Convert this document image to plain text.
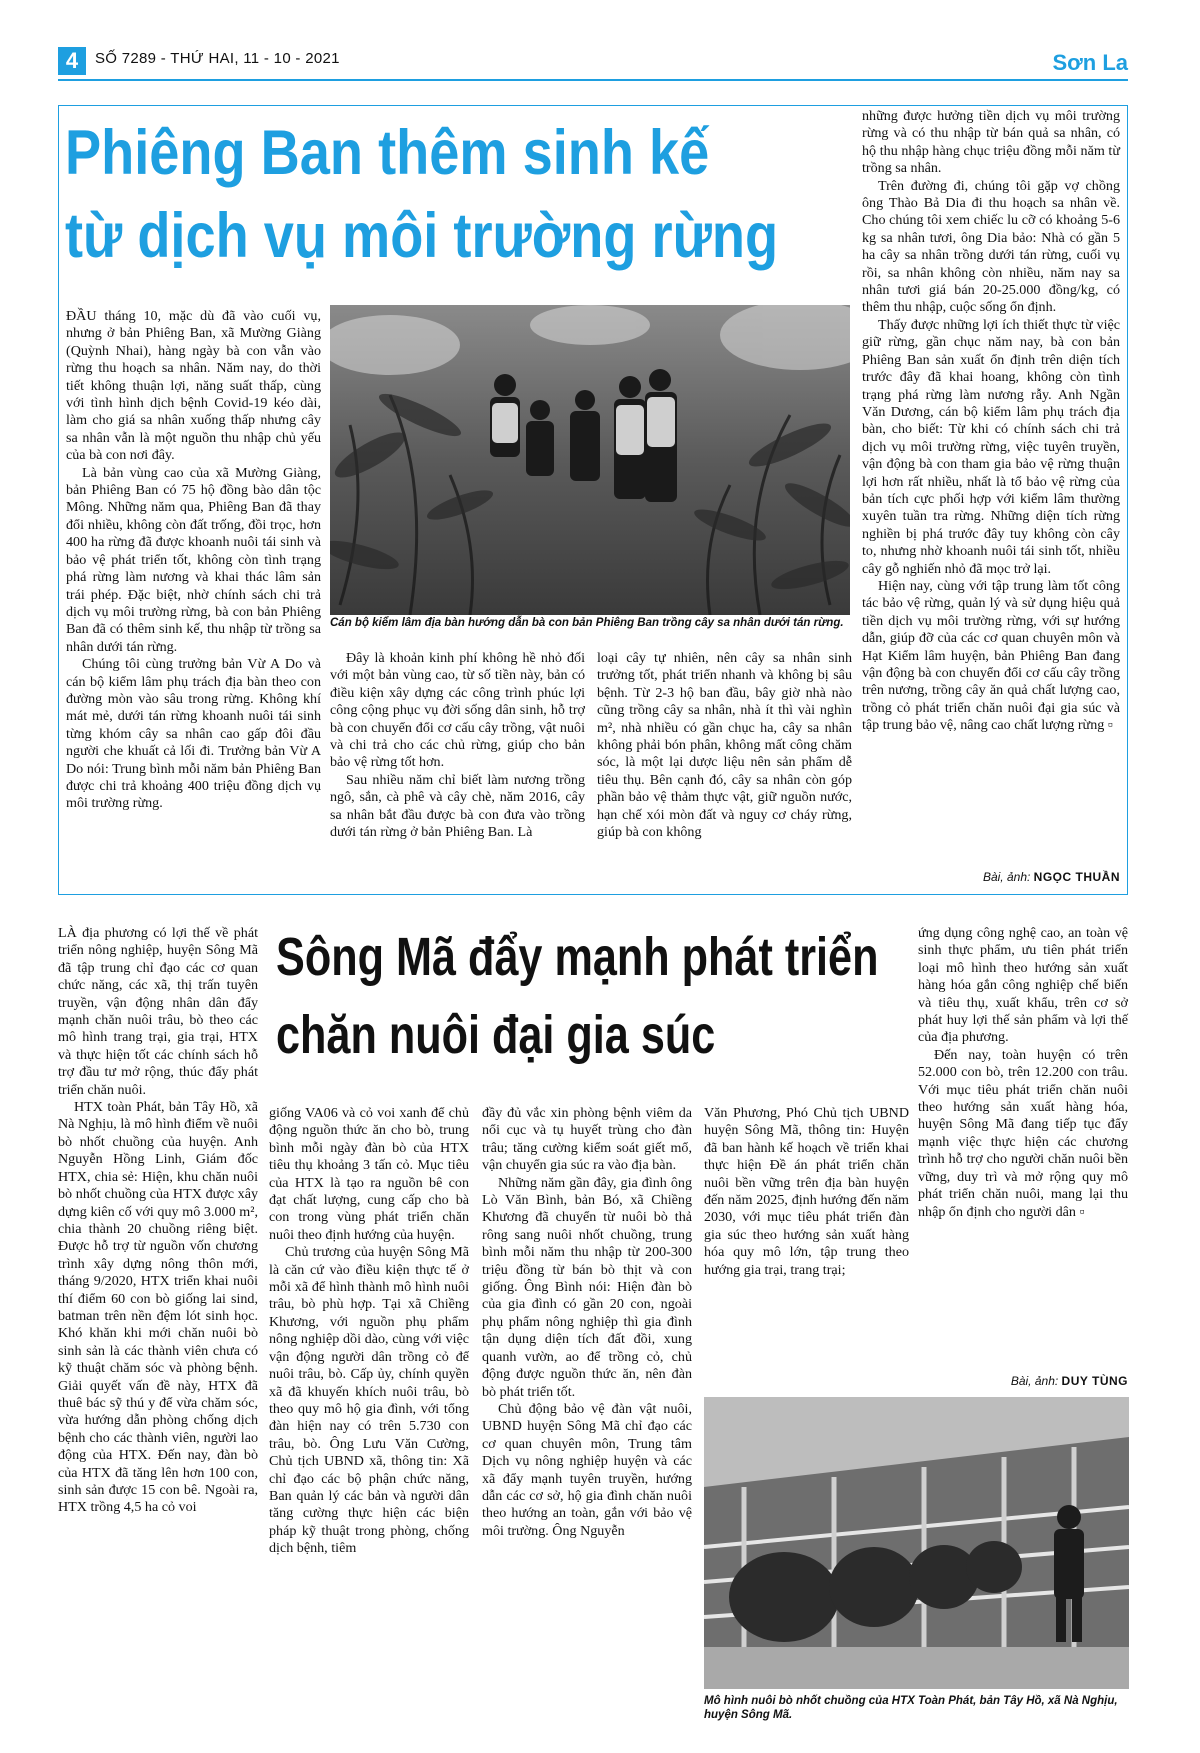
4	SỐ 7289 - THỨ HAI, 11 - 10 - 2021	Sơn La
Phiêng Ban thêm sinh kế
từ dịch vụ môi trường rừng

ĐẦU tháng 10, mặc dù đã vào cuối vụ, nhưng ở bản Phiêng Ban, xã Mường Giàng (Quỳnh Nhai), hàng ngày bà con vẫn vào rừng thu hoạch sa nhân. Năm nay, do thời tiết không thuận lợi, năng suất thấp, cùng với tình hình dịch bệnh Covid-19 kéo dài, làm cho giá sa nhân xuống thấp nhưng cây sa nhân vẫn là một nguồn thu nhập chủ yếu của bà con nơi đây.

Là bản vùng cao của xã Mường Giàng, bản Phiêng Ban có 75 hộ đồng bào dân tộc Mông. Những năm qua, Phiêng Ban đã thay đổi nhiều, không còn đất trống, đồi trọc, hơn 400 ha rừng đã được khoanh nuôi tái sinh và bảo vệ phát triển tốt, không còn tình trạng phá rừng làm nương và khai thác lâm sản trái phép. Đặc biệt, nhờ chính sách chi trả dịch vụ môi trường rừng, bà con bản Phiêng Ban đã có thêm sinh kế, thu nhập từ trồng sa nhân dưới tán rừng.

Chúng tôi cùng trưởng bản Vừ A Do và cán bộ kiểm lâm phụ trách địa bàn theo con đường mòn vào sâu trong rừng. Không khí mát mẻ, dưới tán rừng khoanh nuôi tái sinh từng khóm cây sa nhân cao gấp đôi đầu người che khuất cả lối đi. Trưởng bản Vừ A Do nói: Trung bình mỗi năm bản Phiêng Ban được chi trả khoảng 400 triệu đồng dịch vụ môi trường rừng.

Cán bộ kiểm lâm địa bàn hướng dẫn bà con bản Phiêng Ban trồng cây sa nhân dưới tán rừng.

Đây là khoản kinh phí không hề nhỏ đối với một bản vùng cao, từ số tiền này, bản có điều kiện xây dựng các công trình phúc lợi công cộng phục vụ đời sống dân sinh, hỗ trợ bà con chuyển đổi cơ cấu cây trồng, vật nuôi và chi trả cho các chủ rừng, giúp cho bản bảo vệ rừng tốt hơn.

Sau nhiều năm chỉ biết làm nương trồng ngô, sắn, cà phê và cây chè, năm 2016, cây sa nhân bắt đầu được bà con đưa vào trồng dưới tán rừng ở bản Phiêng Ban. Là

loại cây tự nhiên, nên cây sa nhân sinh trưởng tốt, phát triển nhanh và không bị sâu bệnh. Từ 2-3 hộ ban đầu, bây giờ nhà nào cũng trồng cây sa nhân, nhà ít thì vài nghìn m², nhà nhiều có gần chục ha, cây sa nhân không phải bón phân, không mất công chăm sóc, là một lại dược liệu nên sản phẩm dễ tiêu thụ. Bên cạnh đó, cây sa nhân còn góp phần bảo vệ thảm thực vật, giữ nguồn nước, hạn chế xói mòn đất và nguy cơ cháy rừng, giúp bà con không

những được hưởng tiền dịch vụ môi trường rừng và có thu nhập từ bán quả sa nhân, có hộ thu nhập hàng chục triệu đồng mỗi năm từ trồng sa nhân.

Trên đường đi, chúng tôi gặp vợ chồng ông Thào Bả Dia đi thu hoạch sa nhân về. Cho chúng tôi xem chiếc lu cỡ có khoảng 5-6 kg sa nhân tươi, ông Dia bảo: Nhà có gần 5 ha cây sa nhân trồng dưới tán rừng, cuối vụ rồi, sa nhân không còn nhiều, năm nay sa nhân tươi giá bán 20-25.000 đồng/kg, có thêm thu nhập, cuộc sống ổn định.

Thấy được những lợi ích thiết thực từ việc giữ rừng, gần chục năm nay, bà con bản Phiêng Ban sản xuất ổn định trên diện tích trước đây đã khai hoang, không còn tình trạng phá rừng làm nương rẫy. Anh Ngần Văn Dương, cán bộ kiểm lâm phụ trách địa bàn, cho biết: Từ khi có chính sách chi trả dịch vụ môi trường rừng, việc tuyên truyền, vận động bà con tham gia bảo vệ rừng thuận lợi hơn rất nhiều, nhất là tổ bảo vệ rừng của bản tích cực phối hợp với kiểm lâm thường xuyên tuần tra rừng. Những diện tích rừng nghiền bị phá trước đây tuy không còn cây to, nhưng nhờ khoanh nuôi tái sinh tốt, nhiều cây gỗ nghiến nhỏ đã mọc trở lại.

Hiện nay, cùng với tập trung làm tốt công tác bảo vệ rừng, quản lý và sử dụng hiệu quả tiền dịch vụ môi trường rừng, với sự hướng dẫn, giúp đỡ của các cơ quan chuyên môn và Hạt Kiểm lâm huyện, bản Phiêng Ban đang vận động bà con chuyển đổi cơ cấu cây trồng trên nương, trồng cây ăn quả chất lượng cao, trồng cỏ phát triển chăn nuôi đại gia súc và tập trung bảo vệ, nâng cao chất lượng rừng ▫

Bài, ảnh: NGỌC THUẦN
Sông Mã đẩy mạnh phát triển
chăn nuôi đại gia súc

LÀ địa phương có lợi thế về phát triển nông nghiệp, huyện Sông Mã đã tập trung chỉ đạo các cơ quan chức năng, các xã, thị trấn tuyên truyền, vận động nhân dân đẩy mạnh chăn nuôi trâu, bò theo các mô hình trang trại, gia trại, HTX và thực hiện tốt các chính sách hỗ trợ đầu tư mở rộng, thúc đẩy phát triển chăn nuôi.

HTX toàn Phát, bản Tây Hồ, xã Nà Nghịu, là mô hình điểm về nuôi bò nhốt chuồng của huyện. Anh Nguyễn Hồng Linh, Giám đốc HTX, chia sẻ: Hiện, khu chăn nuôi bò nhốt chuồng của HTX được xây dựng kiên cố với quy mô 3.000 m², chia thành 20 chuồng riêng biệt. Được hỗ trợ từ nguồn vốn chương trình xây dựng nông thôn mới, tháng 9/2020, HTX triển khai nuôi thí điểm 60 con bò giống lai sind, batman trên nền đệm lót sinh học. Khó khăn khi mới chăn nuôi bò sinh sản là các thành viên chưa có kỹ thuật chăm sóc và phòng bệnh. Giải quyết vấn đề này, HTX đã thuê bác sỹ thú y để vừa chăm sóc, vừa hướng dẫn phòng chống dịch bệnh cho các thành viên, người lao động của HTX. Đến nay, đàn bò của HTX đã tăng lên hơn 100 con, sinh sản được 15 con bê. Ngoài ra, HTX trồng 4,5 ha cỏ voi

giống VA06 và cỏ voi xanh để chủ động nguồn thức ăn cho bò, trung bình mỗi ngày đàn bò của HTX tiêu thụ khoảng 3 tấn cỏ. Mục tiêu của HTX là tạo ra nguồn bê con đạt chất lượng, cung cấp cho bà con trong vùng phát triển chăn nuôi theo định hướng của huyện.

Chủ trương của huyện Sông Mã là căn cứ vào điều kiện thực tế ở mỗi xã để hình thành mô hình nuôi trâu, bò phù hợp. Tại xã Chiềng Khương, với nguồn phụ phẩm nông nghiệp dồi dào, cùng với việc vận động người dân trồng cỏ để nuôi trâu, bò. Cấp ủy, chính quyền xã đã khuyến khích nuôi trâu, bò theo quy mô hộ gia đình, với tổng đàn hiện nay có trên 5.730 con trâu, bò. Ông Lưu Văn Cường, Chủ tịch UBND xã, thông tin: Xã chỉ đạo các bộ phận chức năng, Ban quản lý các bản và người dân tăng cường thực hiện các biện pháp kỹ thuật trong phòng, chống dịch bệnh, tiêm

đầy đủ vắc xin phòng bệnh viêm da nổi cục và tụ huyết trùng cho đàn trâu; tăng cường kiểm soát giết mổ, vận chuyển gia súc ra vào địa bàn.

Những năm gần đây, gia đình ông Lò Văn Bình, bản Bó, xã Chiềng Khương đã chuyển từ nuôi bò thả rông sang nuôi nhốt chuồng, trung bình mỗi năm thu nhập từ 200-300 triệu đồng từ bán bò thịt và con giống. Ông Bình nói: Hiện đàn bò của gia đình có gần 20 con, ngoài phụ phẩm nông nghiệp thì gia đình tận dụng diện tích đất đồi, xung quanh vườn, ao để trồng cỏ, chủ động được nguồn thức ăn, nên đàn bò phát triển tốt.

Chủ động bảo vệ đàn vật nuôi, UBND huyện Sông Mã chỉ đạo các cơ quan chuyên môn, Trung tâm Dịch vụ nông nghiệp huyện và các xã đẩy mạnh tuyên truyền, hướng dẫn các cơ sở, hộ gia đình chăn nuôi theo hướng an toàn, gắn với bảo vệ môi trường. Ông Nguyễn

Văn Phương, Phó Chủ tịch UBND huyện Sông Mã, thông tin: Huyện đã ban hành kế hoạch về triển khai thực hiện Đề án phát triển chăn nuôi bền vững trên địa bàn huyện đến năm 2025, định hướng đến năm 2030, với mục tiêu phát triển đàn gia súc theo hướng sản xuất hàng hóa quy mô lớn, tập trung theo hướng gia trại, trang trại;

ứng dụng công nghệ cao, an toàn vệ sinh thực phẩm, ưu tiên phát triển loại mô hình theo hướng sản xuất hàng hóa gắn công nghiệp chế biến và tiêu thụ, xuất khẩu, trên cơ sở phát huy lợi thế sản phẩm và lợi thế của địa phương.

Đến nay, toàn huyện có trên 52.000 con bò, trên 12.200 con trâu. Với mục tiêu phát triển chăn nuôi theo hướng sản xuất hàng hóa, huyện Sông Mã đang tiếp tục đẩy mạnh việc thực hiện các chương trình hỗ trợ cho người chăn nuôi bền vững, duy trì và mở rộng quy mô phát triển chăn nuôi, mang lại thu nhập ổn định cho người dân ▫

Bài, ảnh: DUY TÙNG
Mô hình nuôi bò nhốt chuồng của HTX Toàn Phát, bản Tây Hồ, xã Nà Nghịu, huyện Sông Mã.
